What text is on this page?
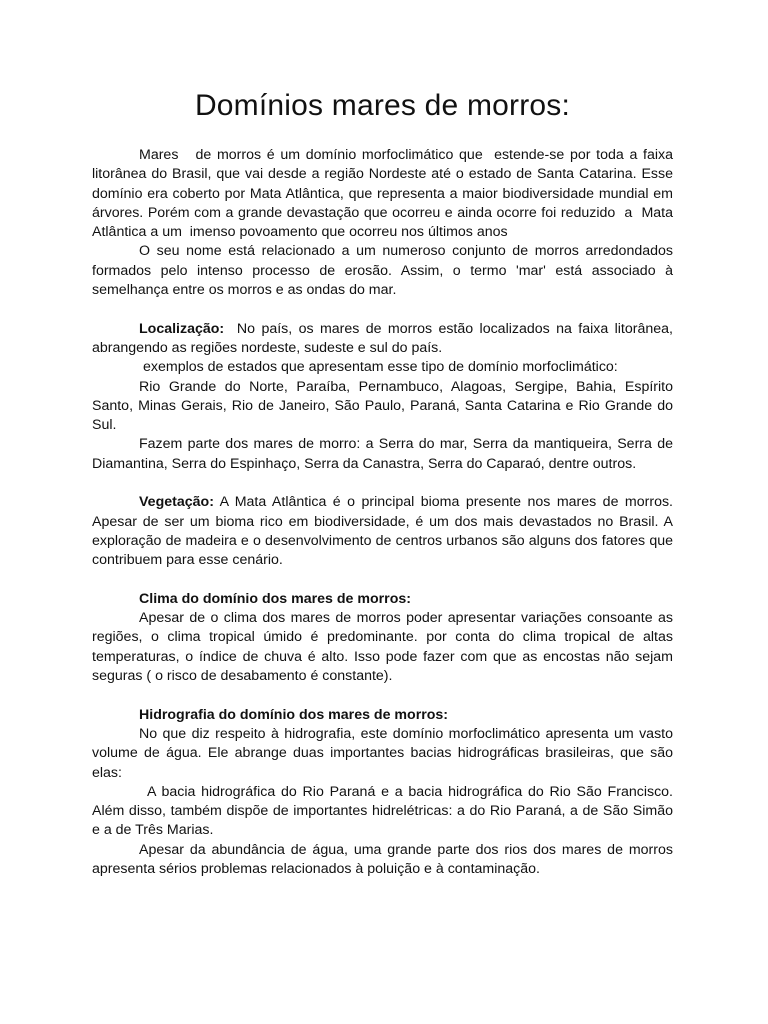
Domínios mares de morros:

Mares   de morros é um domínio morfoclimático que  estende-se por toda a faixa litorânea do Brasil, que vai desde a região Nordeste até o estado de Santa Catarina. Esse domínio era coberto por Mata Atlântica, que representa a maior biodiversidade mundial em árvores. Porém com a grande devastação que ocorreu e ainda ocorre foi reduzido  a  Mata Atlântica a um  imenso povoamento que ocorreu nos últimos anos

O seu nome está relacionado a um numeroso conjunto de morros arredondados formados pelo intenso processo de erosão. Assim, o termo 'mar' está associado à semelhança entre os morros e as ondas do mar.

Localização:  No país, os mares de morros estão localizados na faixa litorânea, abrangendo as regiões nordeste, sudeste e sul do país.

exemplos de estados que apresentam esse tipo de domínio morfoclimático:

Rio Grande do Norte, Paraíba, Pernambuco, Alagoas, Sergipe, Bahia, Espírito Santo, Minas Gerais, Rio de Janeiro, São Paulo, Paraná, Santa Catarina e Rio Grande do Sul.

Fazem parte dos mares de morro: a Serra do mar, Serra da mantiqueira, Serra de Diamantina, Serra do Espinhaço, Serra da Canastra, Serra do Caparaó, dentre outros.

Vegetação: A Mata Atlântica é o principal bioma presente nos mares de morros. Apesar de ser um bioma rico em biodiversidade, é um dos mais devastados no Brasil. A exploração de madeira e o desenvolvimento de centros urbanos são alguns dos fatores que contribuem para esse cenário.

Clima do domínio dos mares de morros:

Apesar de o clima dos mares de morros poder apresentar variações consoante as regiões, o clima tropical úmido é predominante. por conta do clima tropical de altas temperaturas, o índice de chuva é alto. Isso pode fazer com que as encostas não sejam seguras ( o risco de desabamento é constante).

Hidrografia do domínio dos mares de morros:

No que diz respeito à hidrografia, este domínio morfoclimático apresenta um vasto volume de água. Ele abrange duas importantes bacias hidrográficas brasileiras, que são elas:

A bacia hidrográfica do Rio Paraná e a bacia hidrográfica do Rio São Francisco. Além disso, também dispõe de importantes hidrelétricas: a do Rio Paraná, a de São Simão e a de Três Marias.

Apesar da abundância de água, uma grande parte dos rios dos mares de morros apresenta sérios problemas relacionados à poluição e à contaminação.
